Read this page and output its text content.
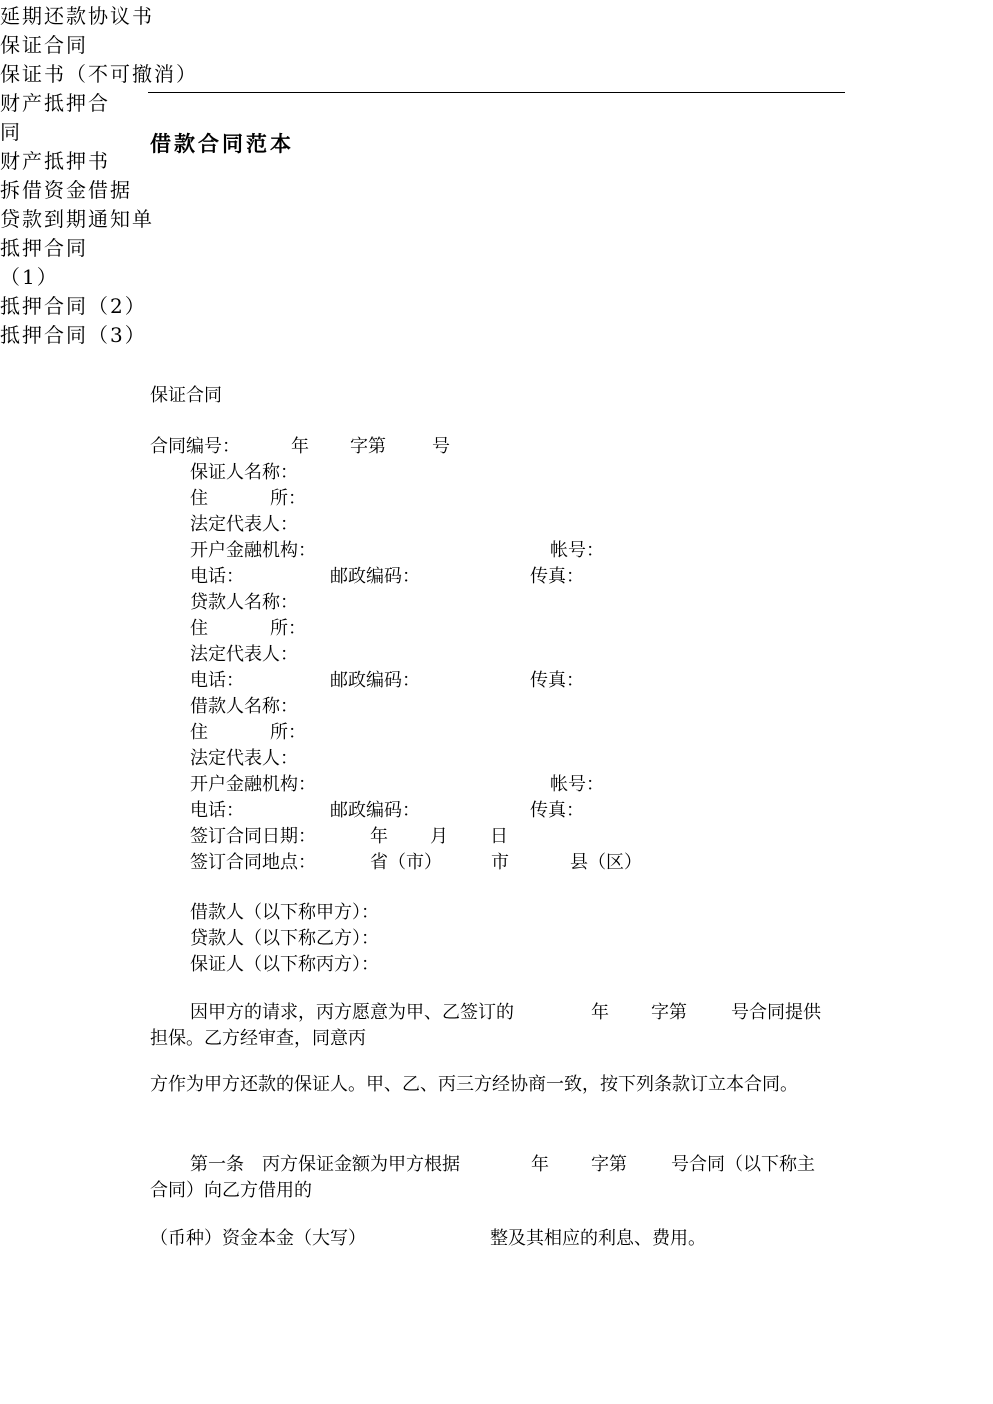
借款合同范本
延期还款协议书
保证合同
保证书（不可撤消）
财产抵押合
同
财产抵押书
拆借资金借据
贷款到期通知单
抵押合同
（1）
抵押合同（2）
抵押合同（3）
保证合同
合同编号：	年 字第	号
保证人名称：
住	所：
法定代表人：
开户金融机构：	帐号：
电话：	邮政编码：	传真：
贷款人名称：
住	所：
法定代表人：
电话：	邮政编码：	传真：
借款人名称：
住	所：
法定代表人：
开户金融机构：	帐号：
电话：	邮政编码：	传真：
签订合同日期：	年 月 日
签订合同地点：	省（市）	市	县（区）
借款人（以下称甲方）：
贷款人（以下称乙方）：
保证人（以下称丙方）：
因甲方的请求，丙方愿意为甲、乙签订的	年 字第 号合同提供
担保。乙方经审查，同意丙
方作为甲方还款的保证人。甲、乙、丙三方经协商一致，按下列条款订立本合同。
第一条　丙方保证金额为甲方根据	年 字第 号合同（以下称主
合同）向乙方借用的
（币种）资金本金（大写）	整及其相应的利息、费用。
